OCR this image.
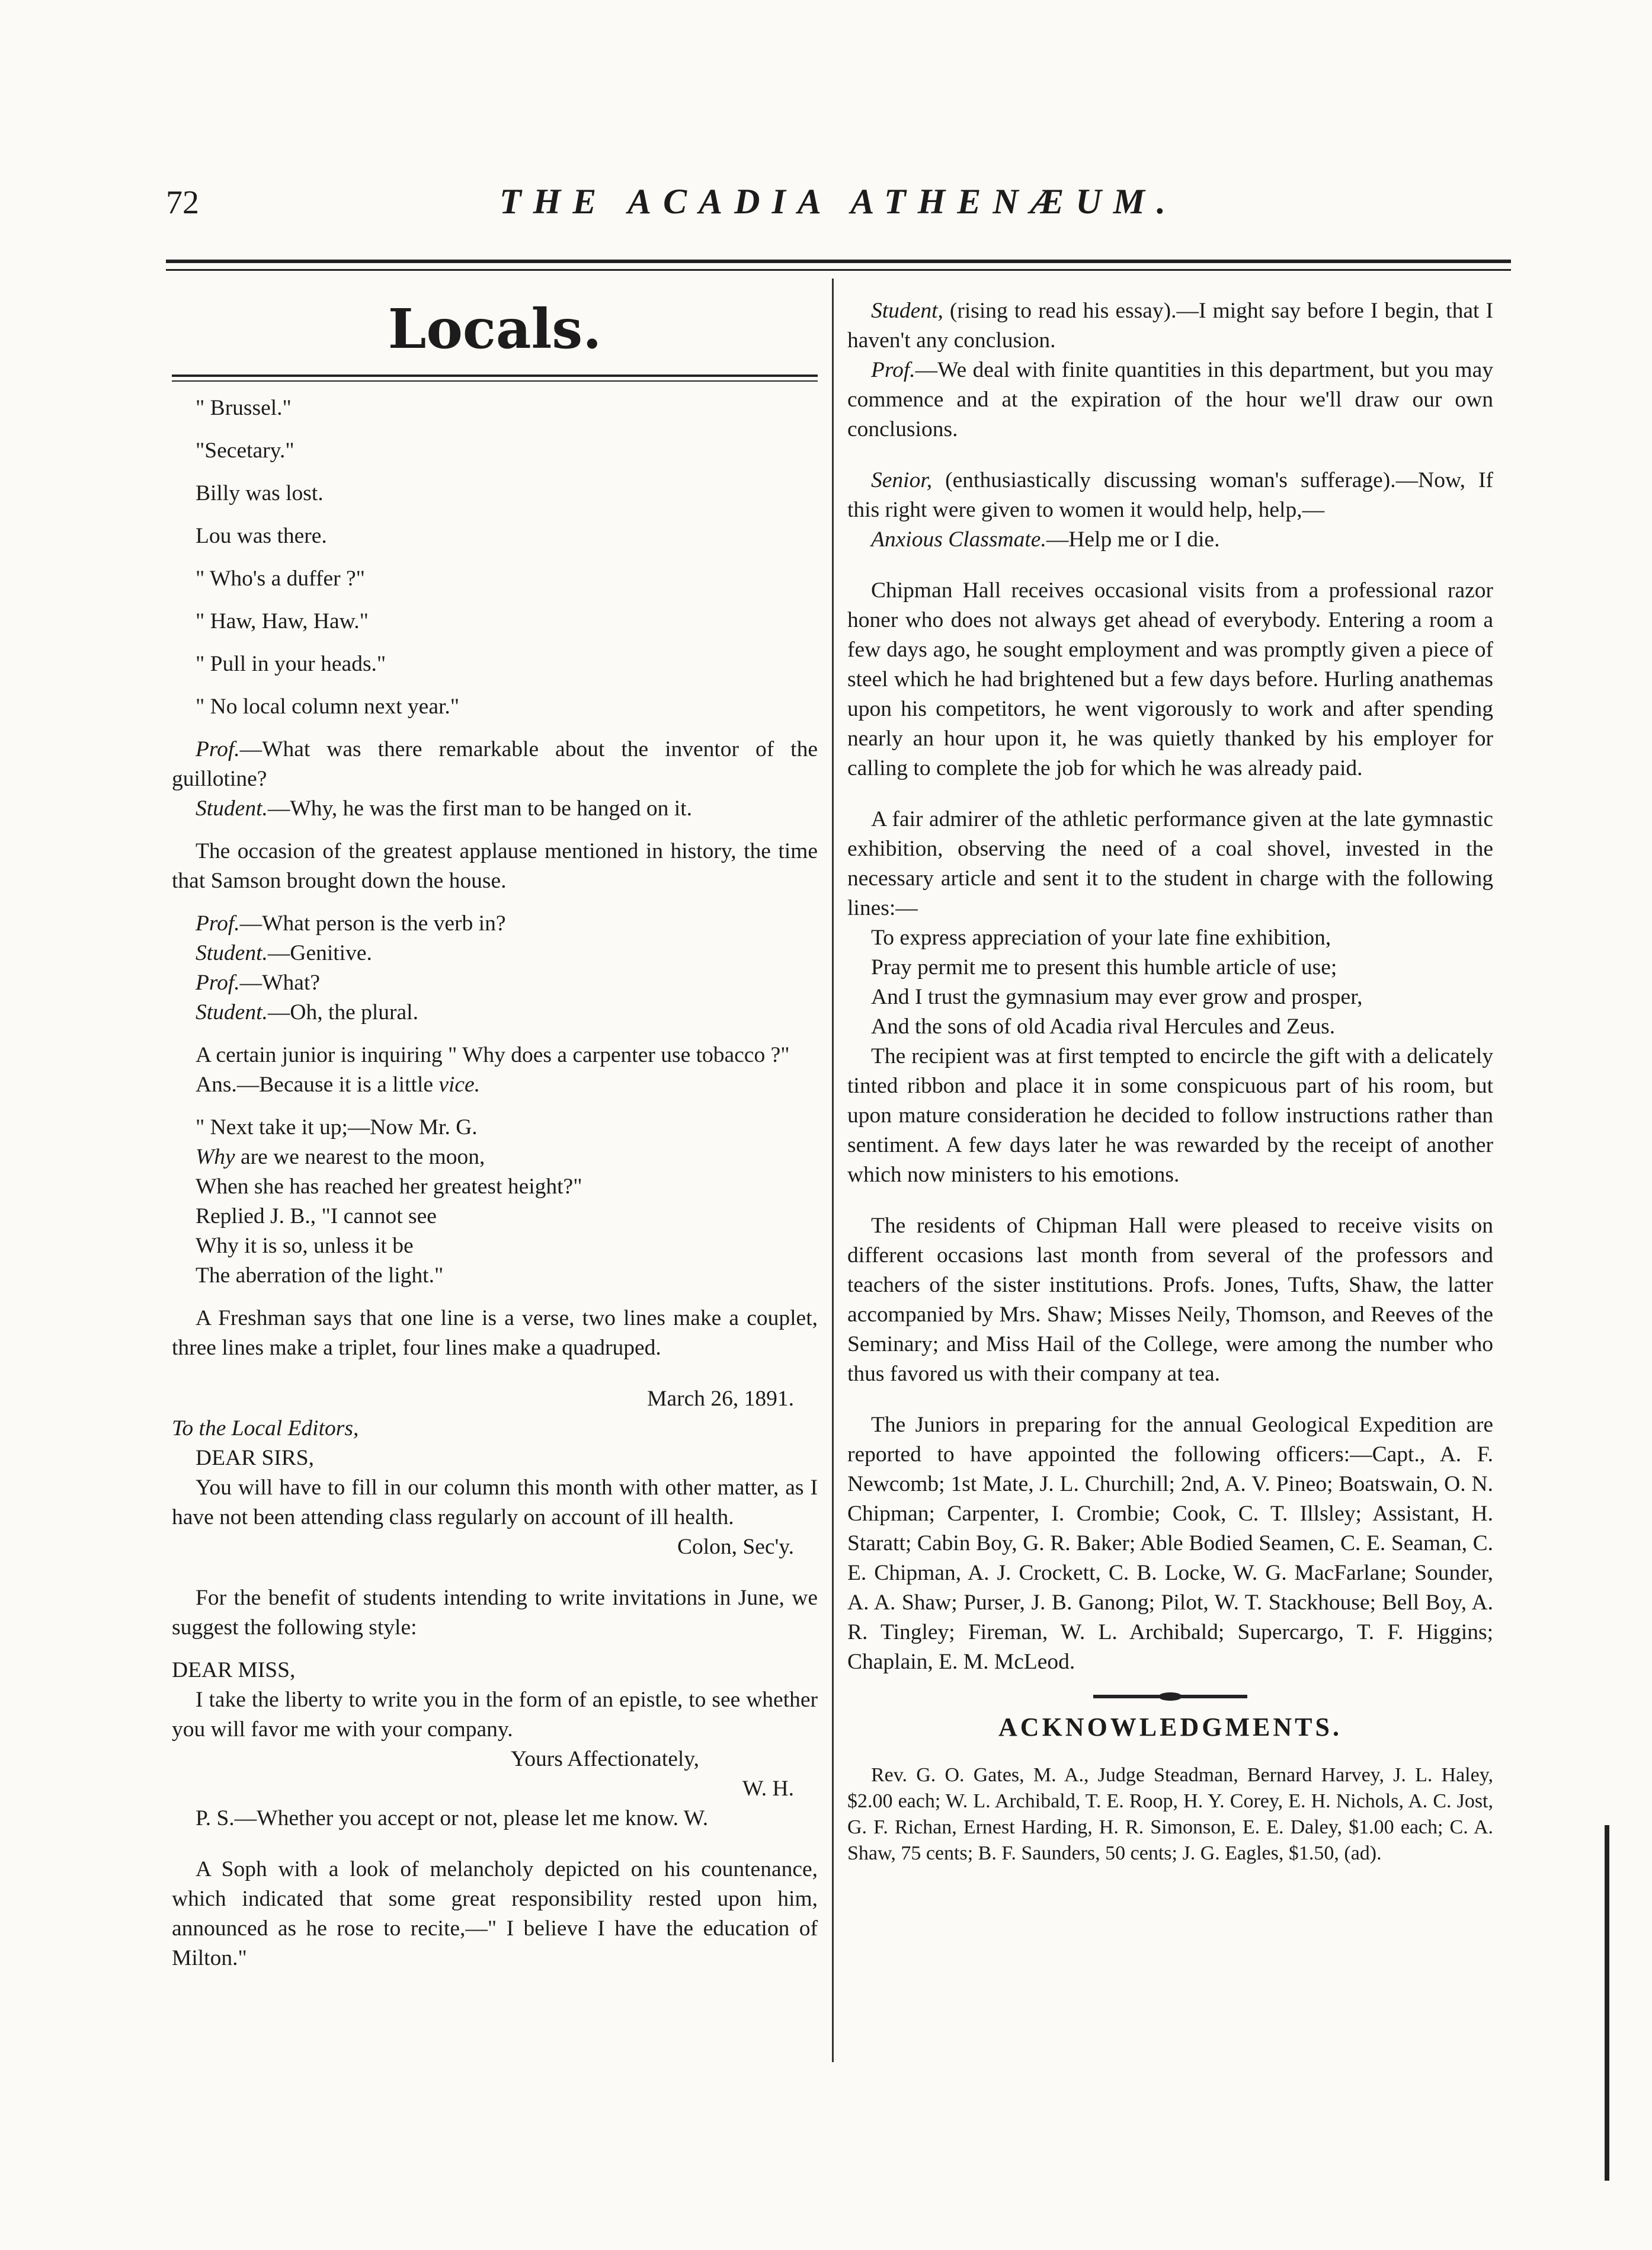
72	THE ACADIA ATHENÆUM.
Locals.

" Brussel."

"Secetary."

Billy was lost.

Lou was there.

" Who's a duffer ?"

" Haw, Haw, Haw."

" Pull in your heads."

" No local column next year."

Prof.—What was there remarkable about the inventor of the guillotine?
Student.—Why, he was the first man to be hanged on it.

The occasion of the greatest applause mentioned in history, the time that Samson brought down the house.

Prof.—What person is the verb in?
Student.—Genitive.
Prof.—What?
Student.—Oh, the plural.
A certain junior is inquiring " Why does a carpenter use tobacco ?"
Ans.—Because it is a little vice.
" Next take it up;—Now Mr. G.
Why are we nearest to the moon,
When she has reached her greatest height?"
Replied J. B., "I cannot see
Why it is so, unless it be
The aberration of the light."

A Freshman says that one line is a verse, two lines make a couplet, three lines make a triplet, four lines make a quadruped.

March 26, 1891.
To the Local Editors,
DEAR SIRS,
You will have to fill in our column this month with other matter, as I have not been attending class regularly on account of ill health.
Colon, Sec'y.

For the benefit of students intending to write invitations in June, we suggest the following style:

DEAR MISS,
I take the liberty to write you in the form of an epistle, to see whether you will favor me with your company.
Yours Affectionately,
W. H.
P. S.—Whether you accept or not, please let me know. W.

A Soph with a look of melancholy depicted on his countenance, which indicated that some great responsibility rested upon him, announced as he rose to recite,—" I believe I have the education of Milton."

Student, (rising to read his essay).—I might say before I begin, that I haven't any conclusion.
Prof.—We deal with finite quantities in this department, but you may commence and at the expiration of the hour we'll draw our own conclusions.
Senior, (enthusiastically discussing woman's sufferage).—Now, If this right were given to women it would help, help,—
Anxious Classmate.—Help me or I die.

Chipman Hall receives occasional visits from a professional razor honer who does not always get ahead of everybody. Entering a room a few days ago, he sought employment and was promptly given a piece of steel which he had brightened but a few days before. Hurling anathemas upon his competitors, he went vigorously to work and after spending nearly an hour upon it, he was quietly thanked by his employer for calling to complete the job for which he was already paid.

A fair admirer of the athletic performance given at the late gymnastic exhibition, observing the need of a coal shovel, invested in the necessary article and sent it to the student in charge with the following lines:—

To express appreciation of your late fine exhibition,
Pray permit me to present this humble article of use;
And I trust the gymnasium may ever grow and prosper,
And the sons of old Acadia rival Hercules and Zeus.

The recipient was at first tempted to encircle the gift with a delicately tinted ribbon and place it in some conspicuous part of his room, but upon mature consideration he decided to follow instructions rather than sentiment. A few days later he was rewarded by the receipt of another which now ministers to his emotions.

The residents of Chipman Hall were pleased to receive visits on different occasions last month from several of the professors and teachers of the sister institutions. Profs. Jones, Tufts, Shaw, the latter accompanied by Mrs. Shaw; Misses Neily, Thomson, and Reeves of the Seminary; and Miss Hail of the College, were among the number who thus favored us with their company at tea.

The Juniors in preparing for the annual Geological Expedition are reported to have appointed the following officers:—Capt., A. F. Newcomb; 1st Mate, J. L. Churchill; 2nd, A. V. Pineo; Boatswain, O. N. Chipman; Carpenter, I. Crombie; Cook, C. T. Illsley; Assistant, H. Staratt; Cabin Boy, G. R. Baker; Able Bodied Seamen, C. E. Seaman, C. E. Chipman, A. J. Crockett, C. B. Locke, W. G. MacFarlane; Sounder, A. A. Shaw; Purser, J. B. Ganong; Pilot, W. T. Stackhouse; Bell Boy, A. R. Tingley; Fireman, W. L. Archibald; Supercargo, T. F. Higgins; Chaplain, E. M. McLeod.

ACKNOWLEDGMENTS.

Rev. G. O. Gates, M. A., Judge Steadman, Bernard Harvey, J. L. Haley, $2.00 each; W. L. Archibald, T. E. Roop, H. Y. Corey, E. H. Nichols, A. C. Jost, G. F. Richan, Ernest Harding, H. R. Simonson, E. E. Daley, $1.00 each; C. A. Shaw, 75 cents; B. F. Saunders, 50 cents; J. G. Eagles, $1.50, (ad).
